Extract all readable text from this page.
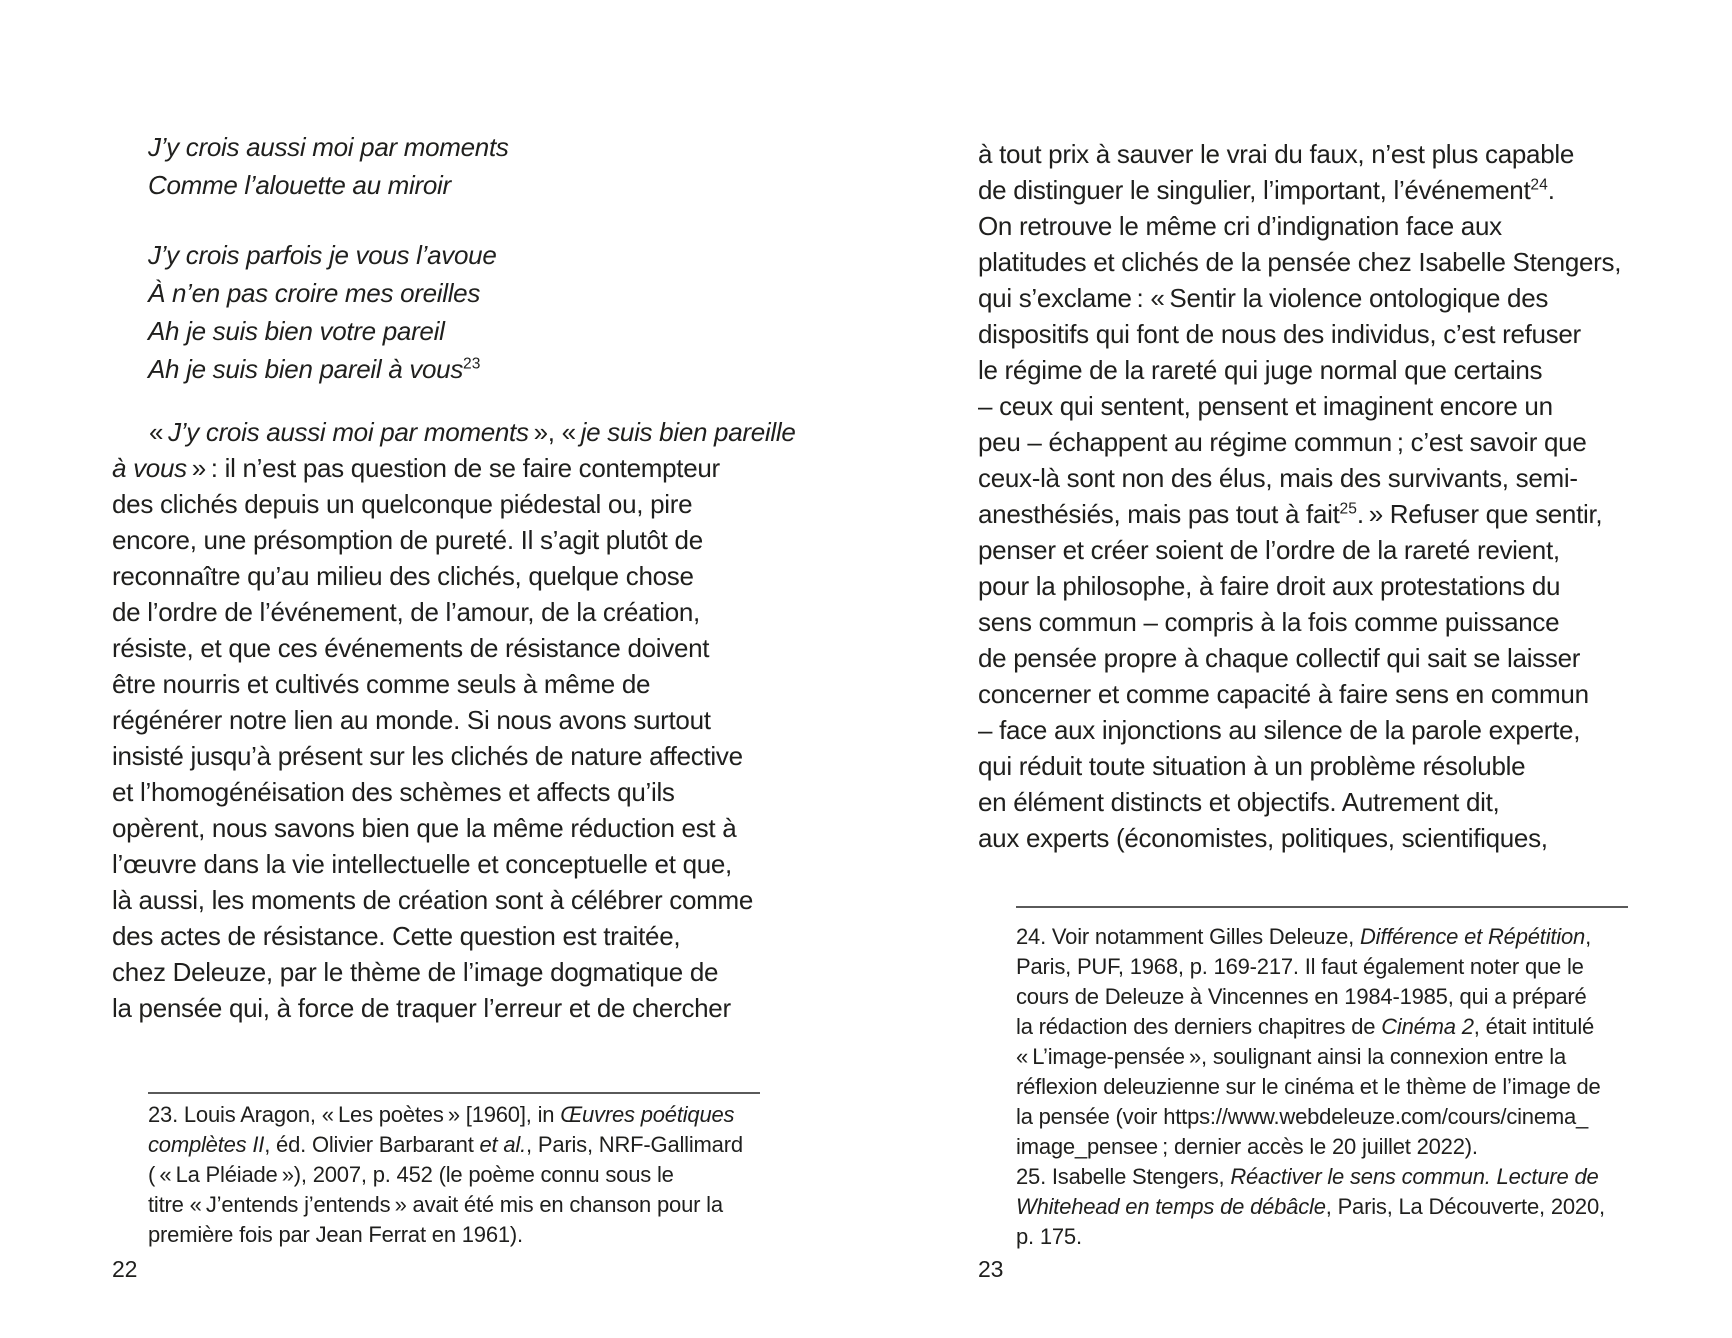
J’y crois aussi moi par moments
Comme l’alouette au miroir
J’y crois parfois je vous l’avoue
À n’en pas croire mes oreilles
Ah je suis bien votre pareil
Ah je suis bien pareil à vous$^{23}$
« J’y crois aussi moi par moments », « je suis bien pareille
à vous » : il n’est pas question de se faire contempteur
des clichés depuis un quelconque piédestal ou, pire
encore, une présomption de pureté. Il s’agit plutôt de
reconnaître qu’au milieu des clichés, quelque chose
de l’ordre de l’événement, de l’amour, de la création,
résiste, et que ces événements de résistance doivent
être nourris et cultivés comme seuls à même de
régénérer notre lien au monde. Si nous avons surtout
insisté jusqu’à présent sur les clichés de nature affective
et l’homogénéisation des schèmes et affects qu’ils
opèrent, nous savons bien que la même réduction est à
l’œuvre dans la vie intellectuelle et conceptuelle et que,
là aussi, les moments de création sont à célébrer comme
des actes de résistance. Cette question est traitée,
chez Deleuze, par le thème de l’image dogmatique de
la pensée qui, à force de traquer l’erreur et de chercher
23. Louis Aragon, « Les poètes » [1960], in Œuvres poétiques
complètes II, éd. Olivier Barbarant et al., Paris, NRF-Gallimard
( « La Pléiade »), 2007, p. 452 (le poème connu sous le
titre « J’entends j’entends » avait été mis en chanson pour la
première fois par Jean Ferrat en 1961).
22
à tout prix à sauver le vrai du faux, n’est plus capable
de distinguer le singulier, l’important, l’événement$^{24}$.
On retrouve le même cri d’indignation face aux
platitudes et clichés de la pensée chez Isabelle Stengers,
qui s’exclame : « Sentir la violence ontologique des
dispositifs qui font de nous des individus, c’est refuser
le régime de la rareté qui juge normal que certains
– ceux qui sentent, pensent et imaginent encore un
peu – échappent au régime commun ; c’est savoir que
ceux-là sont non des élus, mais des survivants, semi-
anesthésiés, mais pas tout à fait$^{25}$. » Refuser que sentir,
penser et créer soient de l’ordre de la rareté revient,
pour la philosophe, à faire droit aux protestations du
sens commun – compris à la fois comme puissance
de pensée propre à chaque collectif qui sait se laisser
concerner et comme capacité à faire sens en commun
– face aux injonctions au silence de la parole experte,
qui réduit toute situation à un problème résoluble
en élément distincts et objectifs. Autrement dit,
aux experts (économistes, politiques, scientifiques,
24. Voir notamment Gilles Deleuze, Différence et Répétition,
Paris, PUF, 1968, p. 169-217. Il faut également noter que le
cours de Deleuze à Vincennes en 1984-1985, qui a préparé
la rédaction des derniers chapitres de Cinéma 2, était intitulé
« L’image-pensée », soulignant ainsi la connexion entre la
réflexion deleuzienne sur le cinéma et le thème de l’image de
la pensée (voir https://www.webdeleuze.com/cours/cinema_
image_pensee ; dernier accès le 20 juillet 2022).
25. Isabelle Stengers, Réactiver le sens commun. Lecture de
Whitehead en temps de débâcle, Paris, La Découverte, 2020,
p. 175.
23
